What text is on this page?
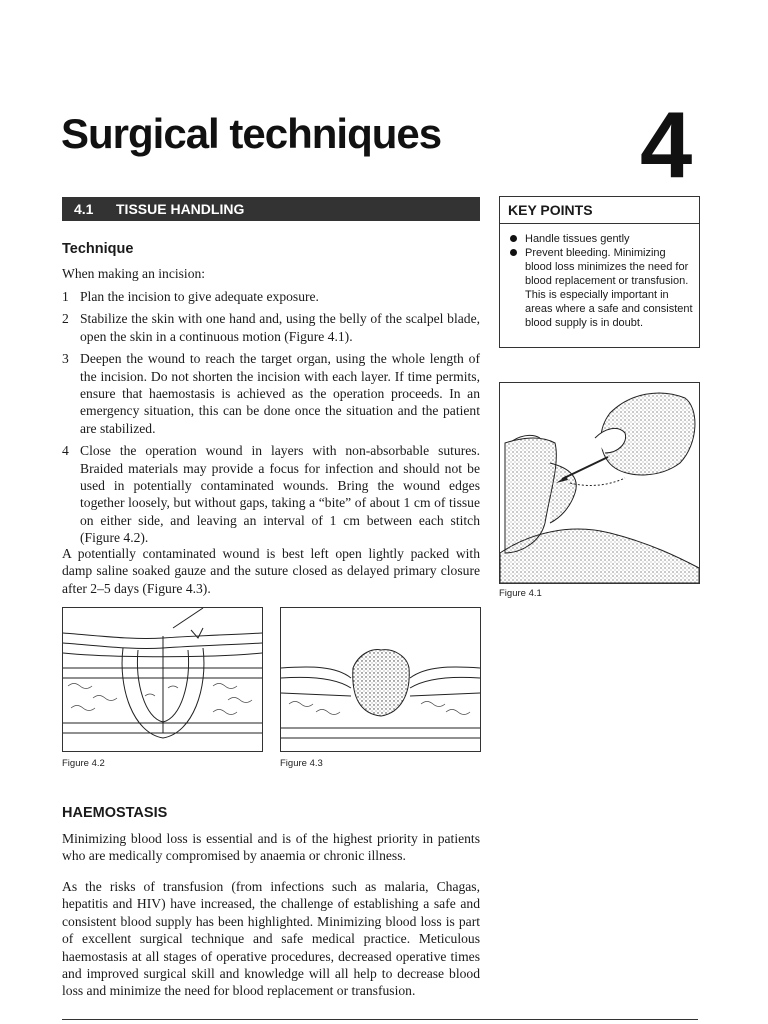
Surgical techniques 4
4.1 TISSUE HANDLING
Technique

When making an incision:

1 Plan the incision to give adequate exposure.
2 Stabilize the skin with one hand and, using the belly of the scalpel blade, open the skin in a continuous motion (Figure 4.1).
3 Deepen the wound to reach the target organ, using the whole length of the incision. Do not shorten the incision with each layer. If time permits, ensure that haemostasis is achieved as the operation proceeds. In an emergency situation, this can be done once the situation and the patient are stabilized.
4 Close the operation wound in layers with non-absorbable sutures. Braided materials may provide a focus for infection and should not be used in potentially contaminated wounds. Bring the wound edges together loosely, but without gaps, taking a “bite” of about 1 cm of tissue on either side, and leaving an interval of 1 cm between each stitch (Figure 4.2).

A potentially contaminated wound is best left open lightly packed with damp saline soaked gauze and the suture closed as delayed primary closure after 2–5 days (Figure 4.3).

KEY POINTS
Handle tissues gently
Prevent bleeding. Minimizing blood loss minimizes the need for blood replacement or transfusion. This is especially important in areas where a safe and consistent blood supply is in doubt.
Figure 4.1
Figure 4.2	Figure 4.3
HAEMOSTASIS

Minimizing blood loss is essential and is of the highest priority in patients who are medically compromised by anaemia or chronic illness.

As the risks of transfusion (from infections such as malaria, Chagas, hepatitis and HIV) have increased, the challenge of establishing a safe and consistent blood supply has been highlighted. Minimizing blood loss is part of excellent surgical technique and safe medical practice. Meticulous haemostasis at all stages of operative procedures, decreased operative times and improved surgical skill and knowledge will all help to decrease blood loss and minimize the need for blood replacement or transfusion.
